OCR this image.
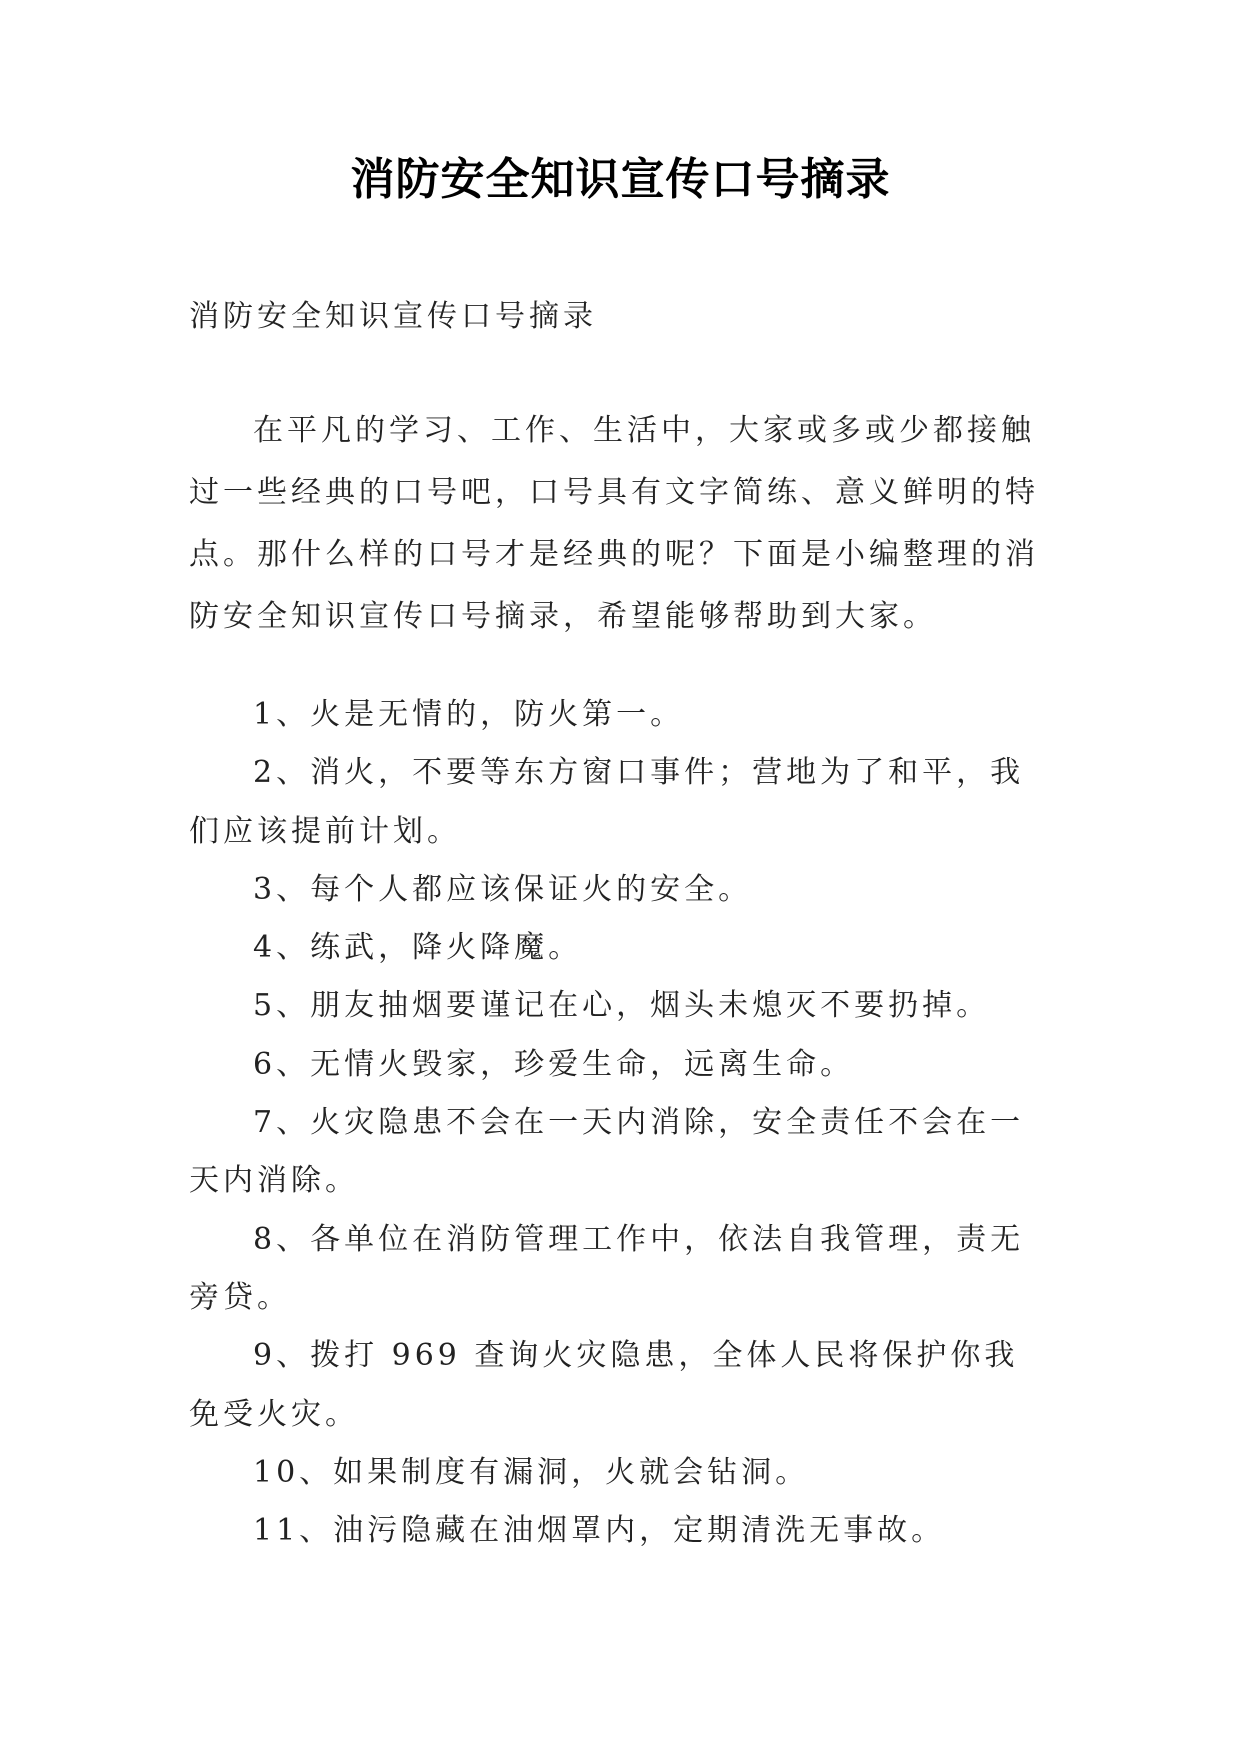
消防安全知识宣传口号摘录
消防安全知识宣传口号摘录
在平凡的学习、工作、生活中，大家或多或少都接触过一些经典的口号吧，口号具有文字简练、意义鲜明的特点。那什么样的口号才是经典的呢？下面是小编整理的消防安全知识宣传口号摘录，希望能够帮助到大家。

1、火是无情的，防火第一。

2、消火，不要等东方窗口事件；营地为了和平，我们应该提前计划。

3、每个人都应该保证火的安全。

4、练武，降火降魔。

5、朋友抽烟要谨记在心，烟头未熄灭不要扔掉。

6、无情火毁家，珍爱生命，远离生命。

7、火灾隐患不会在一天内消除，安全责任不会在一天内消除。

8、各单位在消防管理工作中，依法自我管理，责无旁贷。

9、拨打 969 查询火灾隐患，全体人民将保护你我免受火灾。

10、如果制度有漏洞，火就会钻洞。

11、油污隐藏在油烟罩内，定期清洗无事故。
